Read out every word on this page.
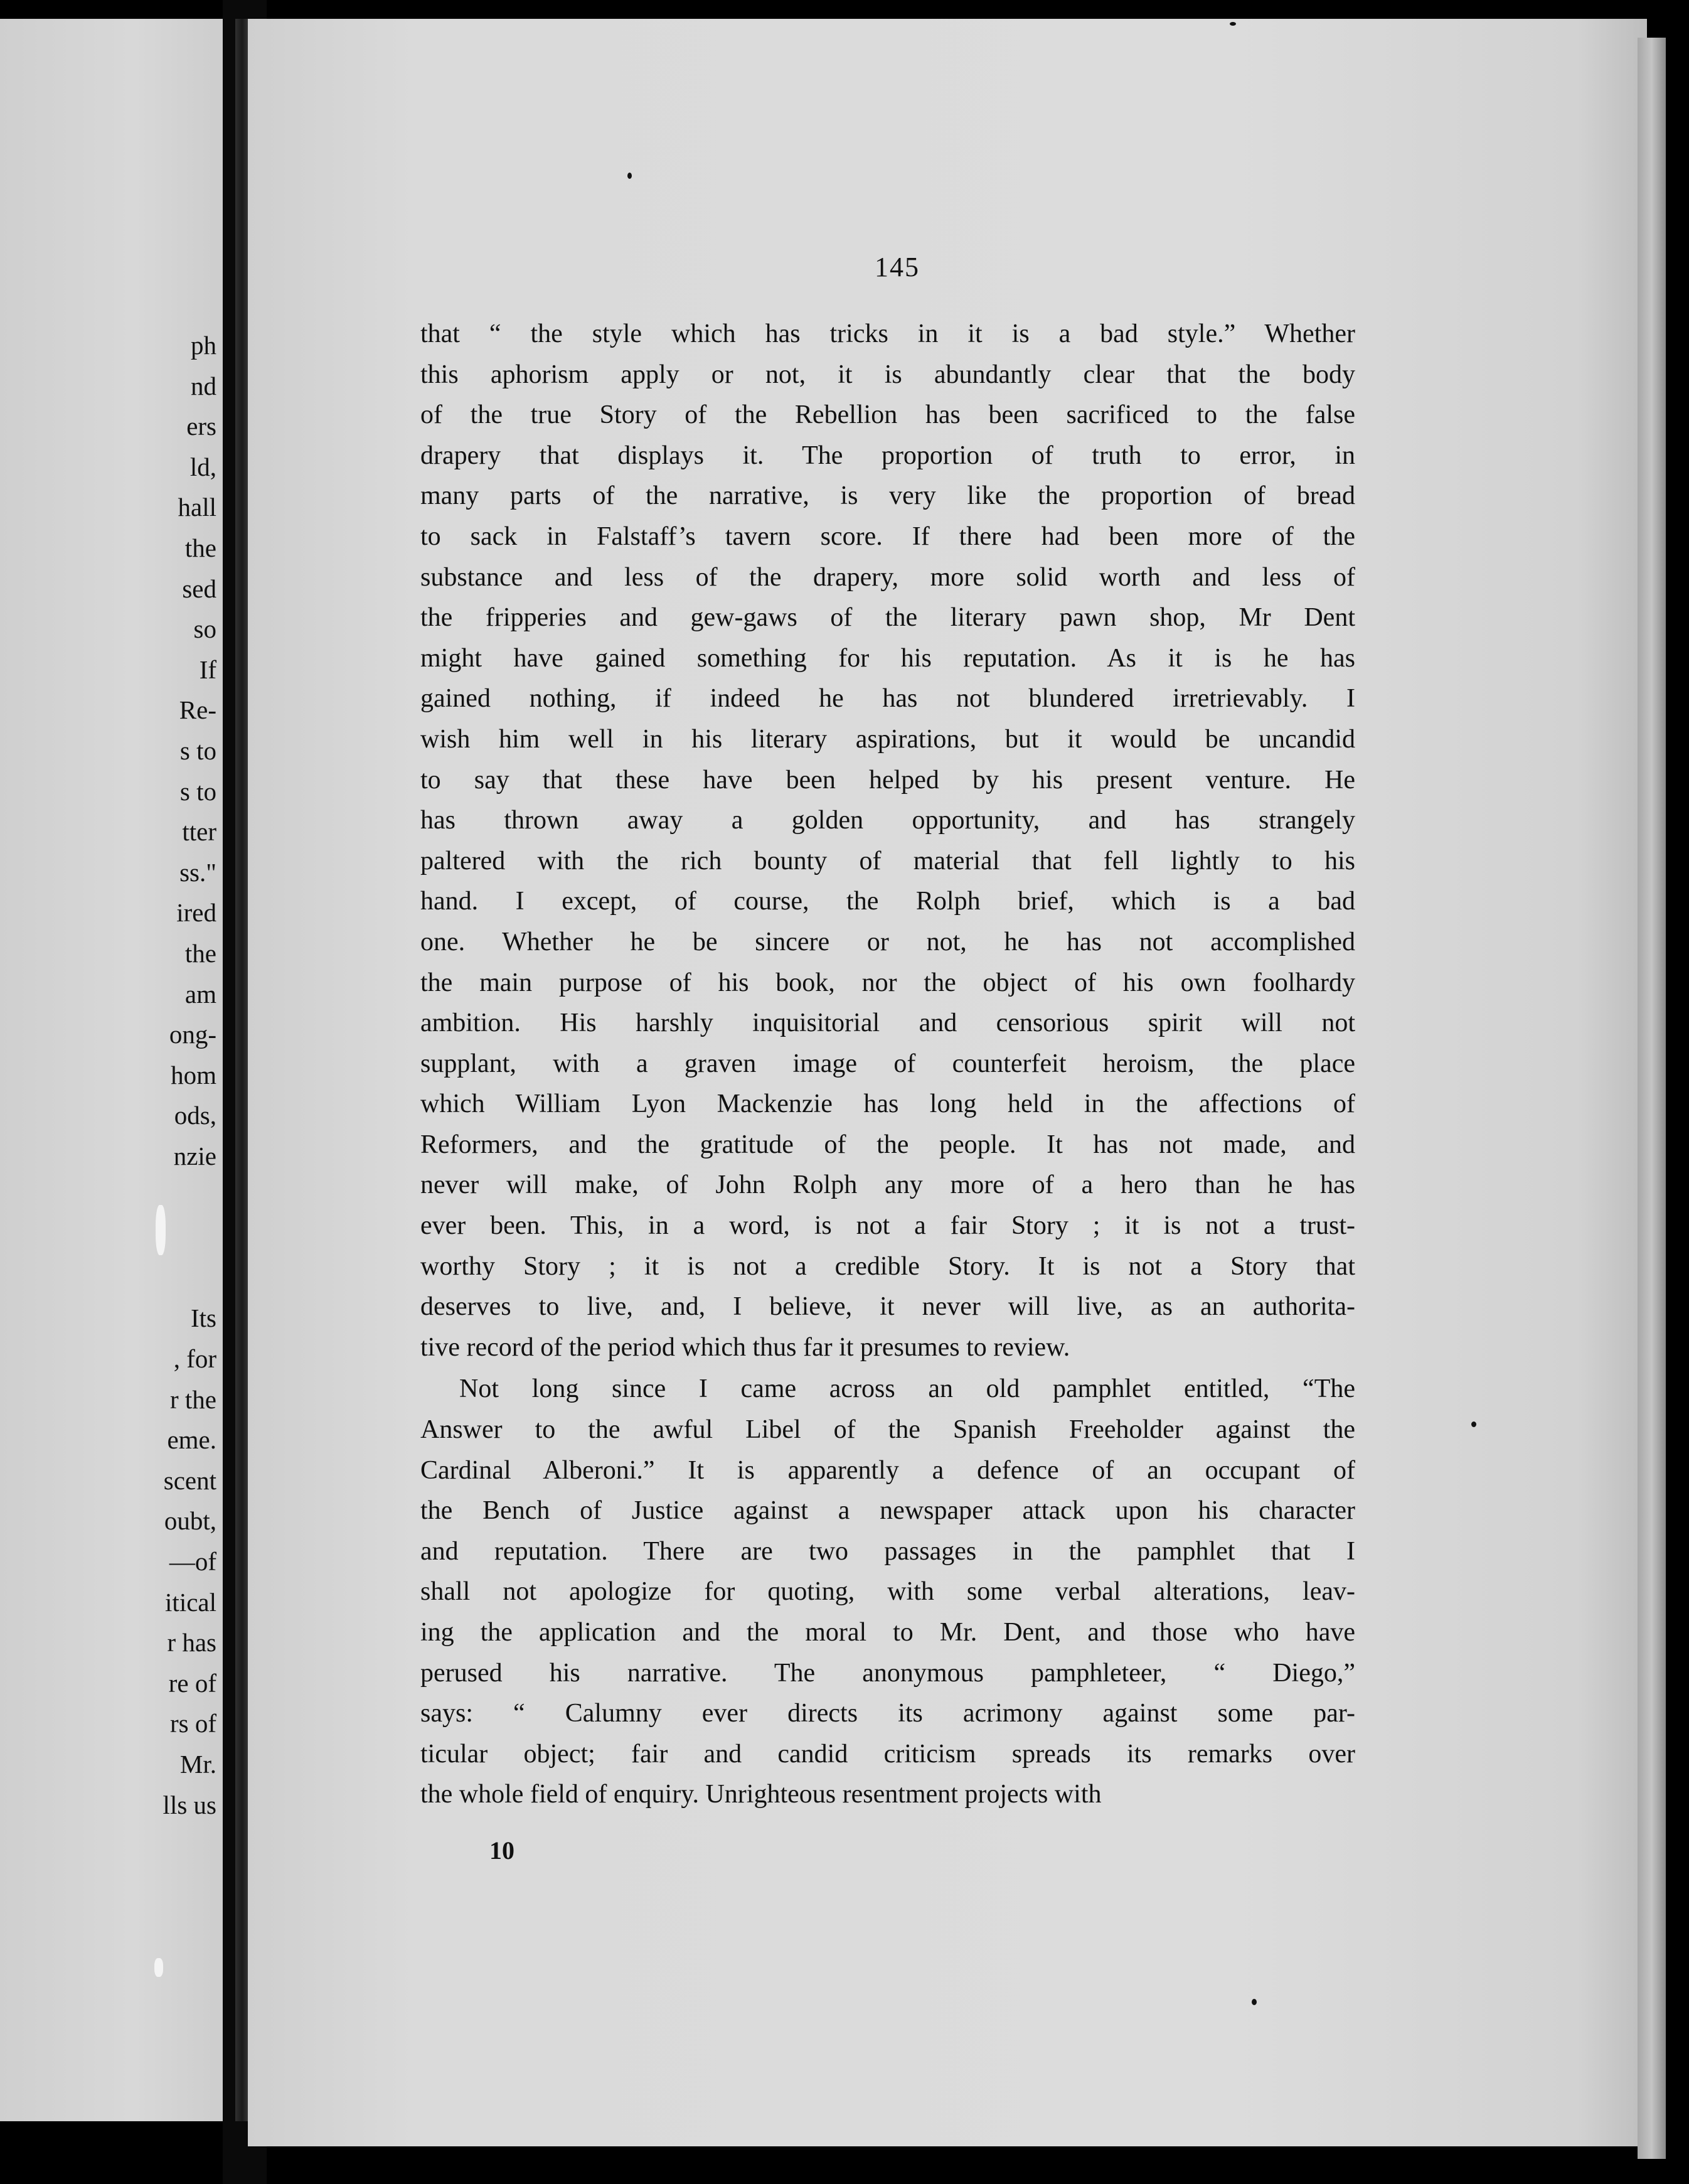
ph
nd
ers
ld,
hall
the
sed
so
If
Re-
s to
s to
tter
ss."
ired
the
am
ong-
hom
ods,
nzie
Its
, for
r the
eme.
scent
oubt,
—of
itical
r has
re of
rs of
Mr.
lls us
145
that “ the style which has tricks in it is a bad style.” Whether
this aphorism apply or not, it is abundantly clear that the body
of the true Story of the Rebellion has been sacrificed to the false
drapery that displays it. The proportion of truth to error, in
many parts of the narrative, is very like the proportion of bread
to sack in Falstaff’s tavern score. If there had been more of the
substance and less of the drapery, more solid worth and less of
the fripperies and gew-gaws of the literary pawn shop, Mr Dent
might have gained something for his reputation. As it is he has
gained nothing, if indeed he has not blundered irretrievably. I
wish him well in his literary aspirations, but it would be uncandid
to say that these have been helped by his present venture. He
has thrown away a golden opportunity, and has strangely
paltered with the rich bounty of material that fell lightly to his
hand. I except, of course, the Rolph brief, which is a bad
one. Whether he be sincere or not, he has not accomplished
the main purpose of his book, nor the object of his own foolhardy
ambition. His harshly inquisitorial and censorious spirit will not
supplant, with a graven image of counterfeit heroism, the place
which William Lyon Mackenzie has long held in the affections of
Reformers, and the gratitude of the people. It has not made, and
never will make, of John Rolph any more of a hero than he has
ever been. This, in a word, is not a fair Story ; it is not a trust-
worthy Story ; it is not a credible Story. It is not a Story that
deserves to live, and, I believe, it never will live, as an authorita-
tive record of the period which thus far it presumes to review.
Not long since I came across an old pamphlet entitled, “The
Answer to the awful Libel of the Spanish Freeholder against the
Cardinal Alberoni.” It is apparently a defence of an occupant of
the Bench of Justice against a newspaper attack upon his character
and reputation. There are two passages in the pamphlet that I
shall not apologize for quoting, with some verbal alterations, leav-
ing the application and the moral to Mr. Dent, and those who have
perused his narrative. The anonymous pamphleteer, “ Diego,”
says: “ Calumny ever directs its acrimony against some par-
ticular object; fair and candid criticism spreads its remarks over
the whole field of enquiry. Unrighteous resentment projects with
10
